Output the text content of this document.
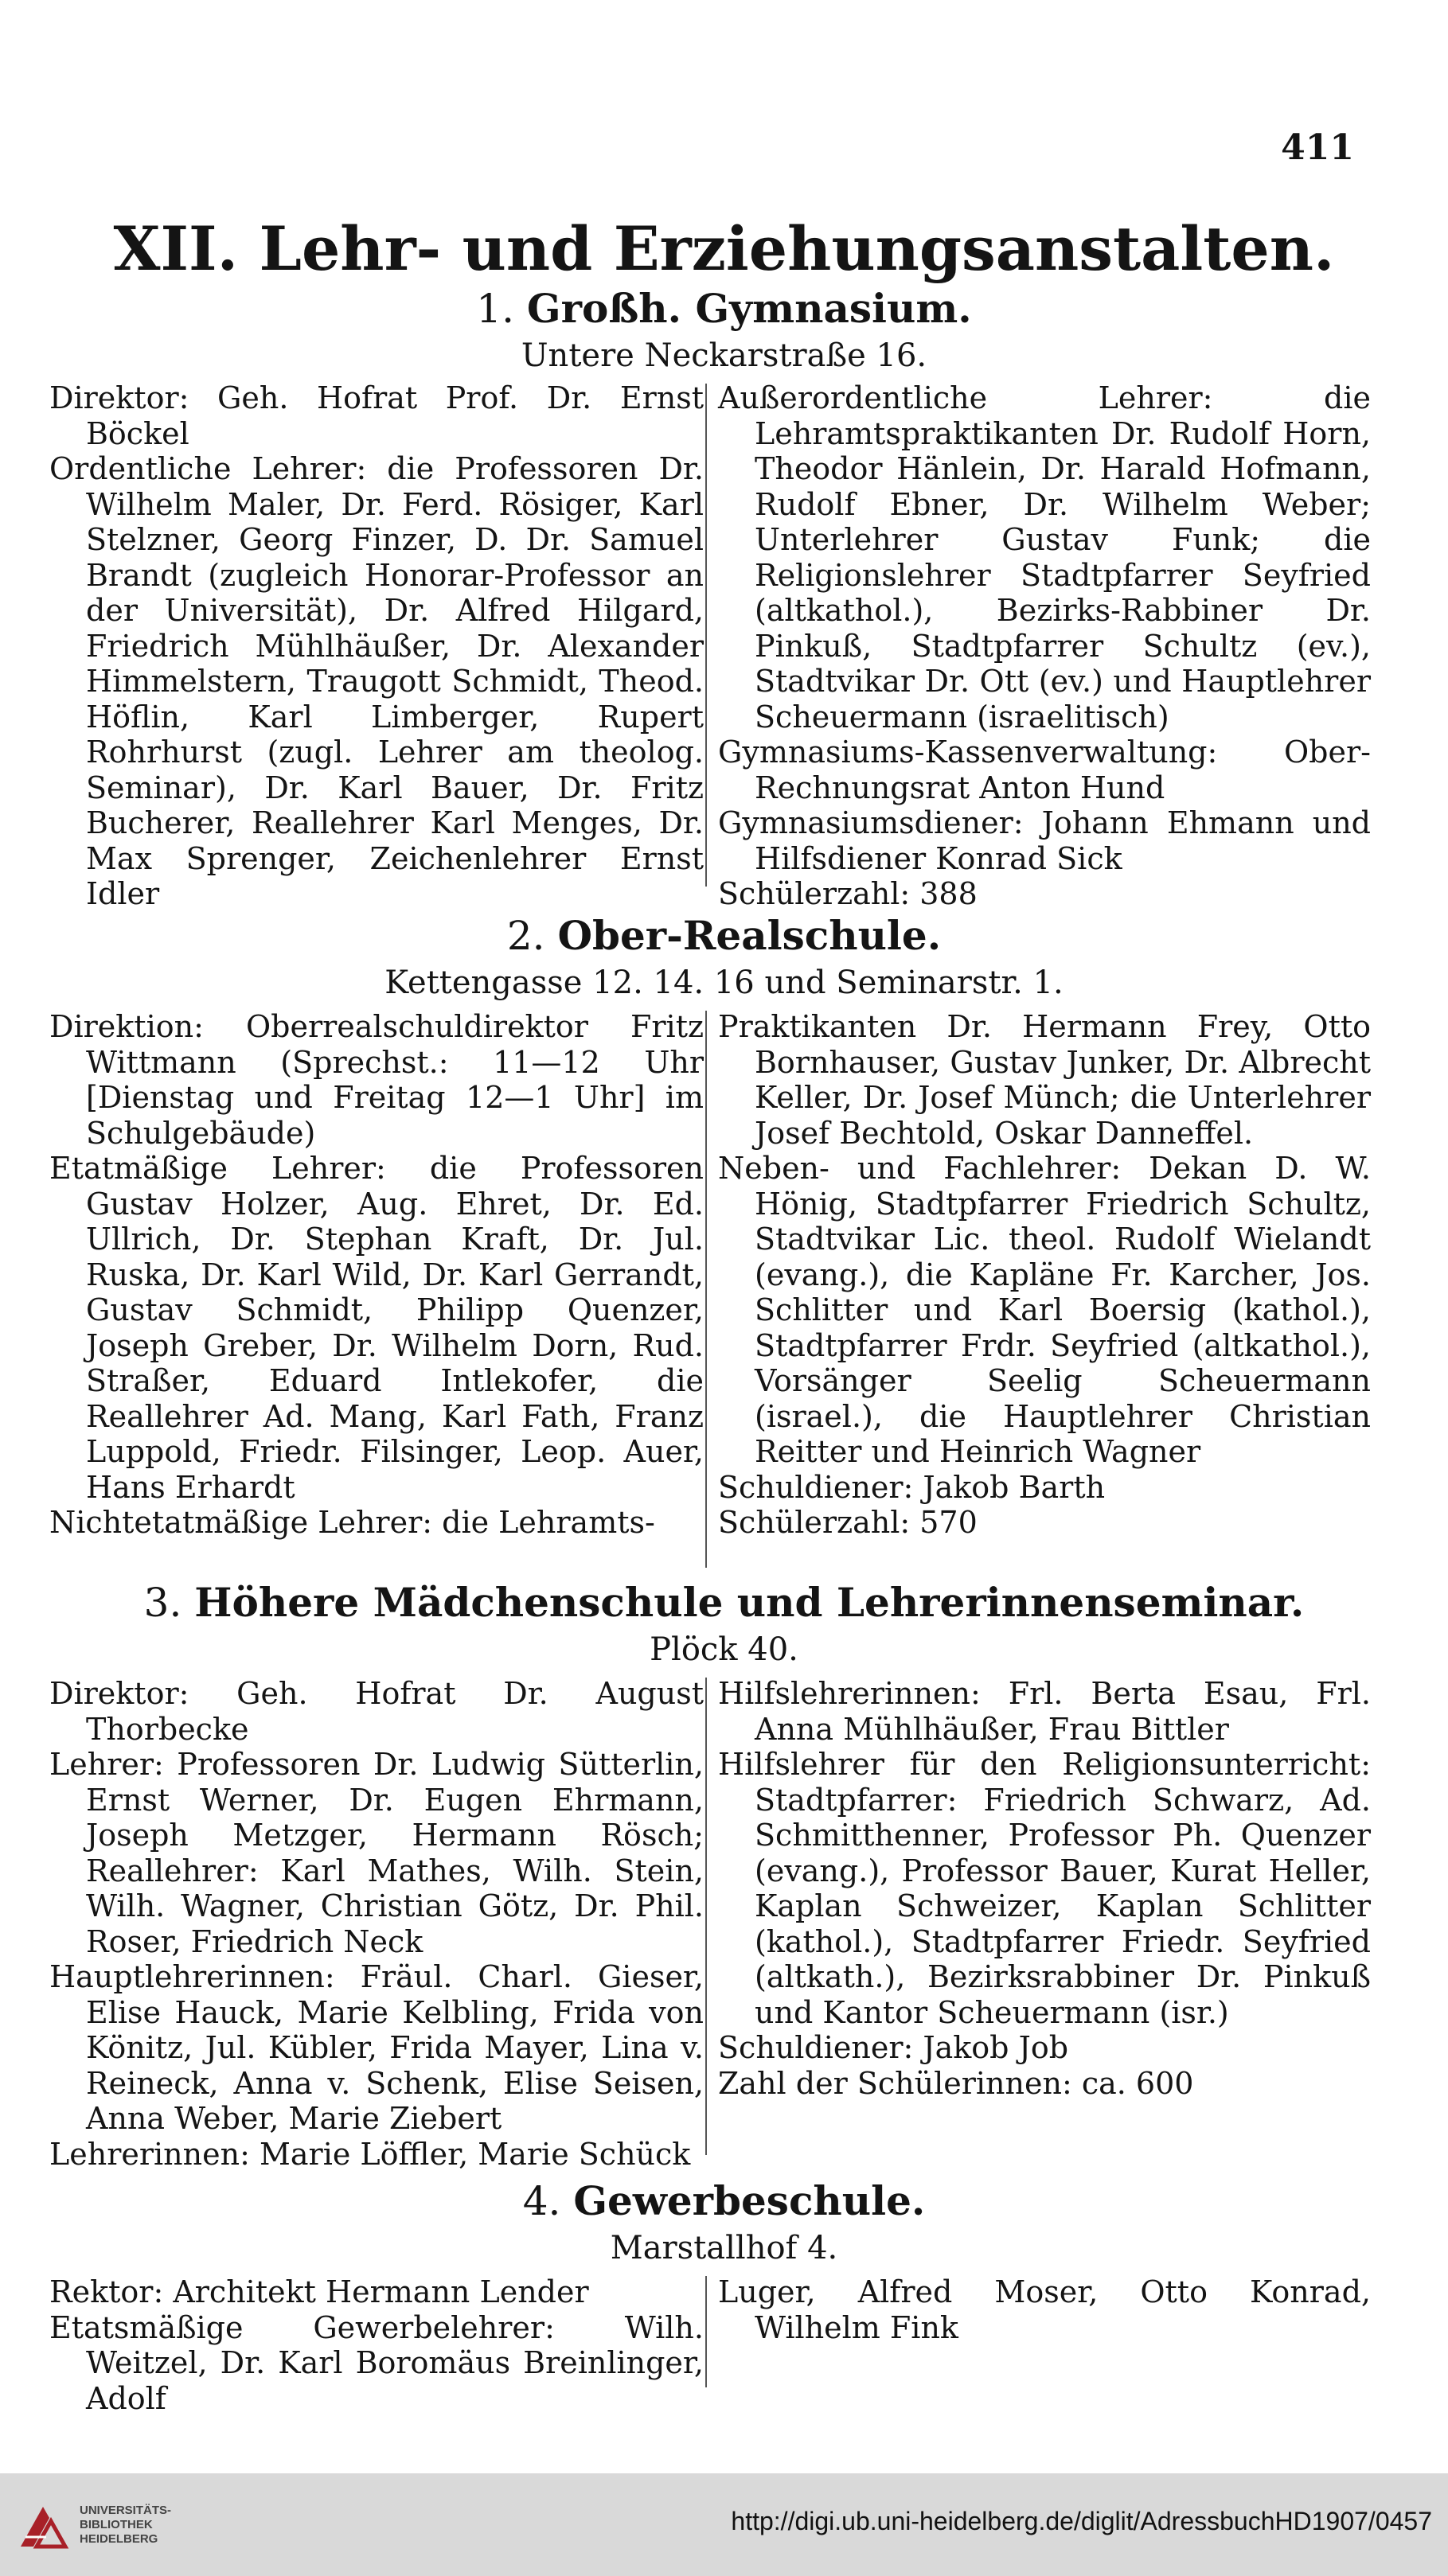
411
XII. Lehr- und Erziehungsanstalten.
1. Großh. Gymnasium.
Untere Neckarstraße 16.

Direktor: Geh. Hofrat Prof. Dr. Ernst Böckel

Ordentliche Lehrer: die Professoren Dr. Wilhelm Maler, Dr. Ferd. Rösiger, Karl Stelzner, Georg Finzer, D. Dr. Samuel Brandt (zugleich Honorar-Professor an der Universität), Dr. Alfred Hilgard, Friedrich Mühlhäußer, Dr. Alexander Himmelstern, Traugott Schmidt, Theod. Höflin, Karl Limberger, Rupert Rohrhurst (zugl. Lehrer am theolog. Seminar), Dr. Karl Bauer, Dr. Fritz Bucherer, Reallehrer Karl Menges, Dr. Max Sprenger, Zeichenlehrer Ernst Idler

Außerordentliche Lehrer: die Lehramtspraktikanten Dr. Rudolf Horn, Theodor Hänlein, Dr. Harald Hofmann, Rudolf Ebner, Dr. Wilhelm Weber; Unterlehrer Gustav Funk; die Religionslehrer Stadtpfarrer Seyfried (altkathol.), Bezirks-Rabbiner Dr. Pinkuß, Stadtpfarrer Schultz (ev.), Stadtvikar Dr. Ott (ev.) und Hauptlehrer Scheuermann (israelitisch)

Gymnasiums-Kassenverwaltung: Ober-Rechnungsrat Anton Hund

Gymnasiumsdiener: Johann Ehmann und Hilfsdiener Konrad Sick

Schülerzahl: 388

2. Ober-Realschule.
Kettengasse 12. 14. 16 und Seminarstr. 1.

Direktion: Oberrealschuldirektor Fritz Wittmann (Sprechst.: 11—12 Uhr [Dienstag und Freitag 12—1 Uhr] im Schulgebäude)

Etatmäßige Lehrer: die Professoren Gustav Holzer, Aug. Ehret, Dr. Ed. Ullrich, Dr. Stephan Kraft, Dr. Jul. Ruska, Dr. Karl Wild, Dr. Karl Gerrandt, Gustav Schmidt, Philipp Quenzer, Joseph Greber, Dr. Wilhelm Dorn, Rud. Straßer, Eduard Intlekofer, die Reallehrer Ad. Mang, Karl Fath, Franz Luppold, Friedr. Filsinger, Leop. Auer, Hans Erhardt

Nichtetatmäßige Lehrer: die Lehramts-

Praktikanten Dr. Hermann Frey, Otto Bornhauser, Gustav Junker, Dr. Albrecht Keller, Dr. Josef Münch; die Unterlehrer Josef Bechtold, Oskar Danneffel.

Neben- und Fachlehrer: Dekan D. W. Hönig, Stadtpfarrer Friedrich Schultz, Stadtvikar Lic. theol. Rudolf Wielandt (evang.), die Kapläne Fr. Karcher, Jos. Schlitter und Karl Boersig (kathol.), Stadtpfarrer Frdr. Seyfried (altkathol.), Vorsänger Seelig Scheuermann (israel.), die Hauptlehrer Christian Reitter und Heinrich Wagner

Schuldiener: Jakob Barth

Schülerzahl: 570

3. Höhere Mädchenschule und Lehrerinnenseminar.
Plöck 40.

Direktor: Geh. Hofrat Dr. August Thorbecke

Lehrer: Professoren Dr. Ludwig Sütterlin, Ernst Werner, Dr. Eugen Ehrmann, Joseph Metzger, Hermann Rösch; Reallehrer: Karl Mathes, Wilh. Stein, Wilh. Wagner, Christian Götz, Dr. Phil. Roser, Friedrich Neck

Hauptlehrerinnen: Fräul. Charl. Gieser, Elise Hauck, Marie Kelbling, Frida von Könitz, Jul. Kübler, Frida Mayer, Lina v. Reineck, Anna v. Schenk, Elise Seisen, Anna Weber, Marie Ziebert

Lehrerinnen: Marie Löffler, Marie Schück

Hilfslehrerinnen: Frl. Berta Esau, Frl. Anna Mühlhäußer, Frau Bittler

Hilfslehrer für den Religionsunterricht: Stadtpfarrer: Friedrich Schwarz, Ad. Schmitthenner, Professor Ph. Quenzer (evang.), Professor Bauer, Kurat Heller, Kaplan Schweizer, Kaplan Schlitter (kathol.), Stadtpfarrer Friedr. Seyfried (altkath.), Bezirksrabbiner Dr. Pinkuß und Kantor Scheuermann (isr.)

Schuldiener: Jakob Job

Zahl der Schülerinnen: ca. 600

4. Gewerbeschule.
Marstallhof 4.

Rektor: Architekt Hermann Lender

Etatsmäßige Gewerbelehrer: Wilh. Weitzel, Dr. Karl Boromäus Breinlinger, Adolf

Luger, Alfred Moser, Otto Konrad, Wilhelm Fink

UNIVERSITÄTS-
BIBLIOTHEK
HEIDELBERG
http://digi.ub.uni-heidelberg.de/diglit/AdressbuchHD1907/0457
